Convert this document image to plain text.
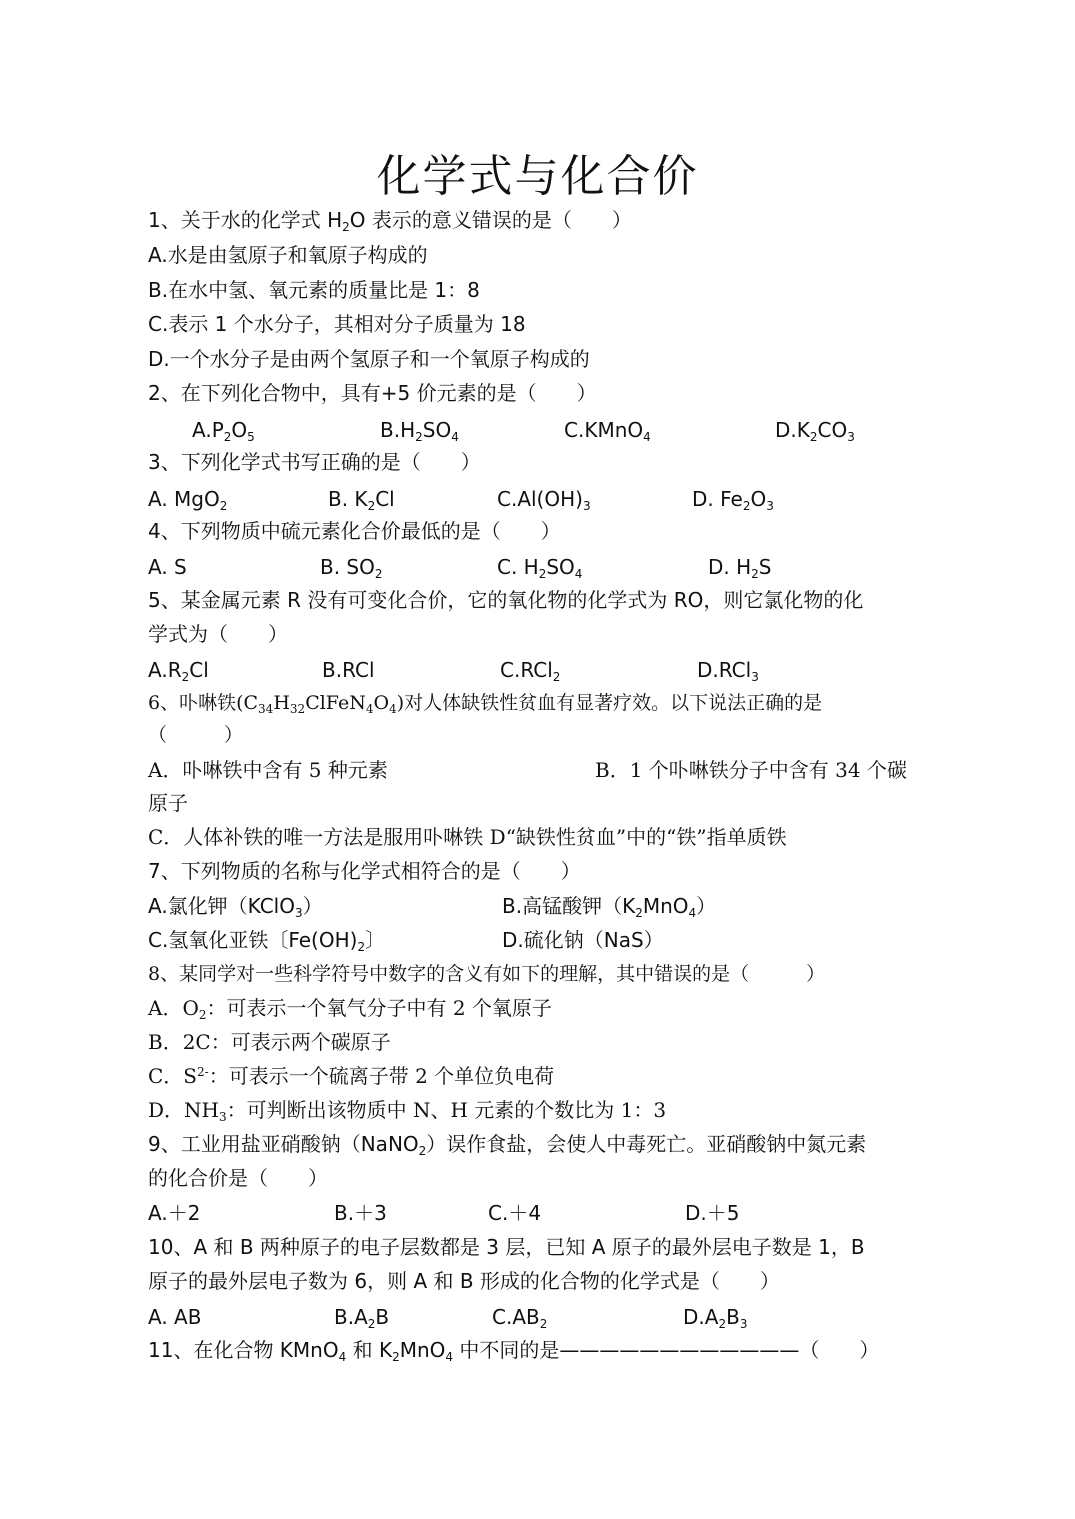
化学式与化合价
1、关于水的化学式 $H_2O$ 表示的意义错误的是（　　）
A.水是由氢原子和氧原子构成的
B.在水中氢、氧元素的质量比是 1：8
C.表示 1 个水分子，其相对分子质量为 18
D.一个水分子是由两个氢原子和一个氧原子构成的
2、在下列化合物中，具有+5 价元素的是（　　）
$A.P_2O_5$	$B.H_2SO_4$	C.KMnO$_4$	$D.K_2CO_3$
3、下列化学式书写正确的是（　　）
A. MgO$_2$	B. $K_2Cl$	$C.Al(OH)_3$	D. $Fe_2O_3$
4、下列物质中硫元素化合价最低的是（　　）
A. S	B. $SO_2$	C. $H_2SO_4$	D. $H_2S$
5、某金属元素 R 没有可变化合价，它的氧化物的化学式为 RO，则它氯化物的化
学式为（　　）
$A.R_2Cl$	B.RCl	C.RCl$_2$	D.RCl$_3$
6、卟啉铁$(C_{34}H_{32}ClFeN_4O_4)$对人体缺铁性贫血有显著疗效。以下说法正确的是
（　　　）
A．卟啉铁中含有 5 种元素	B．1 个卟啉铁分子中含有 34 个碳
原子
C．人体补铁的唯一方法是服用卟啉铁 D“缺铁性贫血”中的“铁”指单质铁
7、下列物质的名称与化学式相符合的是（　　）
A.氯化钾（KClO$_3$）	B.高锰酸钾$(K_2MnO_4)$
C.氢氧化亚铁〔$Fe(OH)_2$〕	D.硫化钠（NaS）
8、某同学对一些科学符号中数字的含义有如下的理解，其中错误的是（　　　）
A．$O_2$：可表示一个氧气分子中有 2 个氧原子
B．2C：可表示两个碳原子
C．$S^{2-}$：可表示一个硫离子带 2 个单位负电荷
D．$NH_3$：可判断出该物质中 N、H 元素的个数比为 1：3
9、工业用盐亚硝酸钠（NaNO$_2$）误作食盐，会使人中毒死亡。亚硝酸钠中氮元素
的化合价是（　　）
A.＋2	B.＋3	C.＋4	D.＋5
10、A 和 B 两种原子的电子层数都是 3 层，已知 A 原子的最外层电子数是 1，B
原子的最外层电子数为 6，则 A 和 B 形成的化合物的化学式是（　　）
A. AB	$B.A_2B$	$C.AB_2$	$D.A_2B_3$
11、在化合物 KMnO$_4$ 和 $K_2MnO_4$ 中不同的是————————————（　　）
